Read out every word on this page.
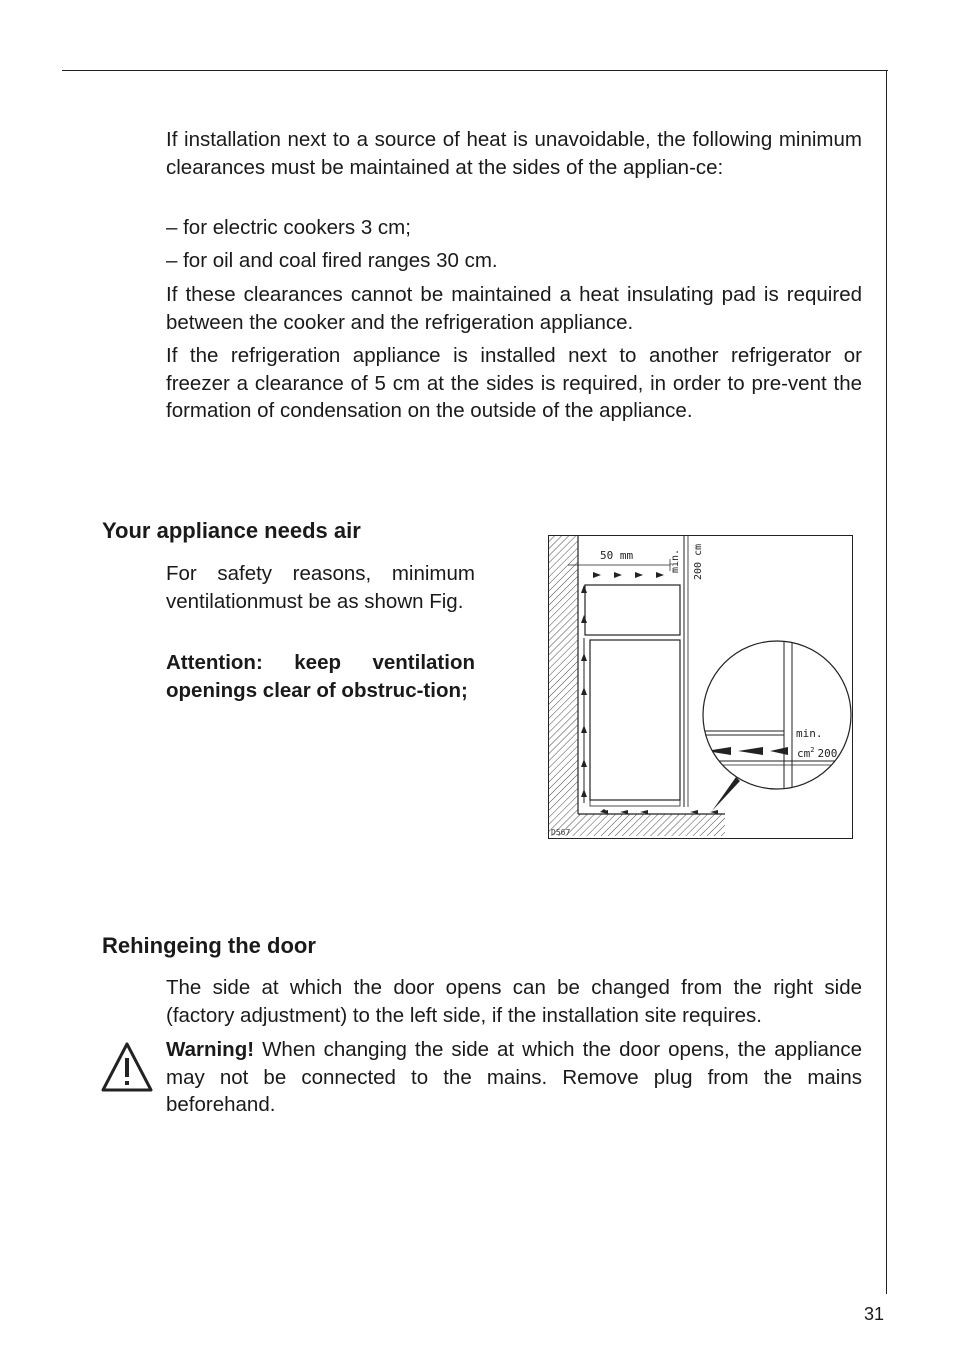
If installation next to a source of heat is unavoidable, the following minimum clearances must be maintained at the sides of the applian-ce:

– for electric cookers 3 cm;

– for oil and coal fired ranges 30 cm.

If these clearances cannot be maintained a heat insulating pad is required between the cooker and the refrigeration appliance.

If the refrigeration appliance is installed next to another refrigerator or freezer a clearance of 5 cm at the sides is required, in order to pre-vent the formation of condensation on the outside of the appliance.

Your appliance needs air

For safety reasons, minimum ventilationmust be as shown Fig.

Attention: keep ventilation openings clear of obstruc-tion;

50 mm	min. 200 cm
min.
$cm^2$ 200
D567
Rehingeing the door

The side at which the door opens can be changed from the right side (factory adjustment) to the left side, if the installation site requires.

Warning! When changing the side at which the door opens, the appliance may not be connected to the mains. Remove plug from the mains beforehand.

31
